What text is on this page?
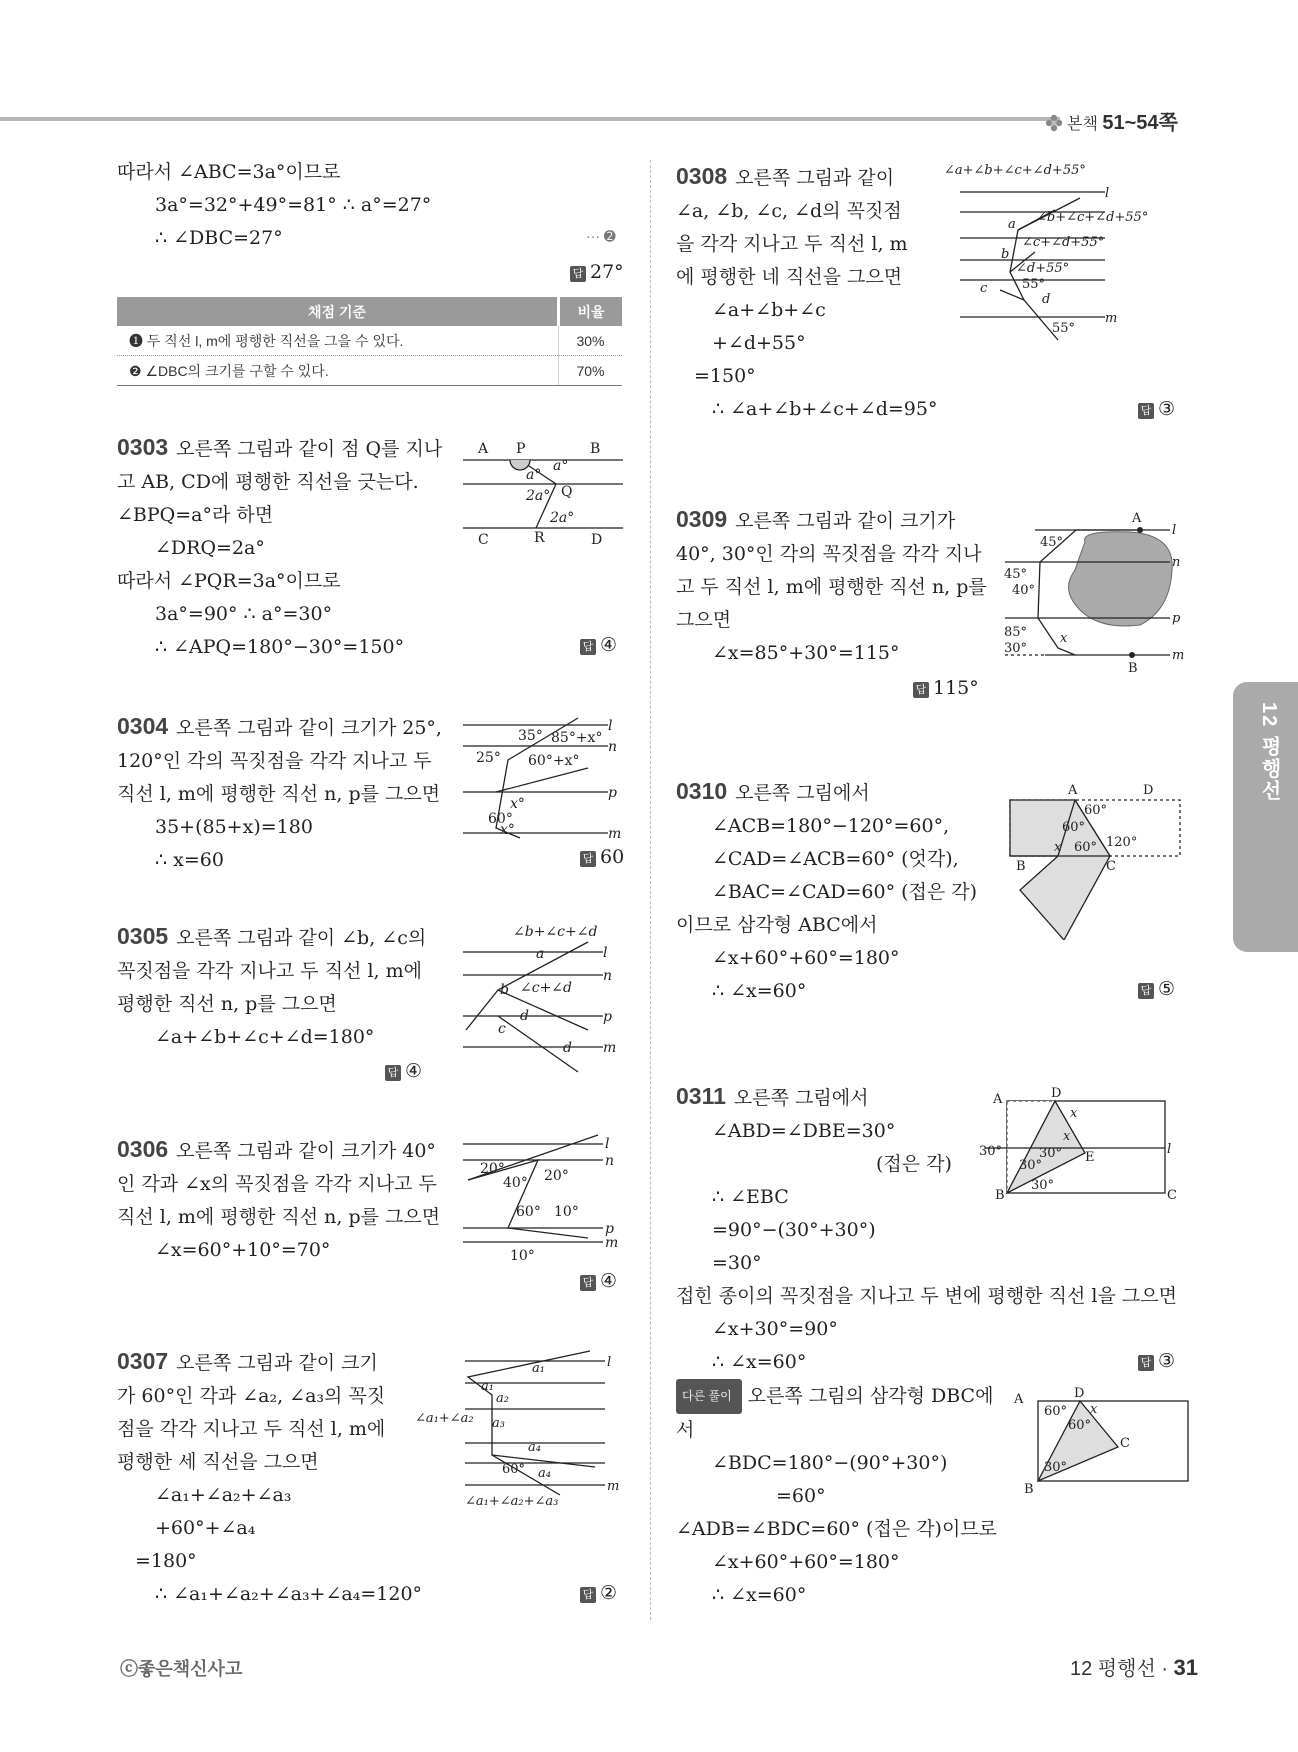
본책 51~54쪽
12 평행선
따라서 ∠ABC=3a°이므로
3a°=32°+49°=81° ∴ a°=27°
∴ ∠DBC=27°	··· ➋
답 27°
채점 기준	비율
❶ 두 직선 l, m에 평행한 직선을 그을 수 있다.	30%
❷ ∠DBC의 크기를 구할 수 있다.	70%
0303 오른쪽 그림과 같이 점 Q를 지나
고 AB, CD에 평행한 직선을 긋는다.
∠BPQ=a°라 하면
∠DRQ=2a°
따라서 ∠PQR=3a°이므로
3a°=90° ∴ a°=30°
∴ ∠APQ=180°−30°=150°	답 ④
A P	B
C	R	D
Q
a°
a°
2a°
2a°
0304 오른쪽 그림과 같이 크기가 25°,
120°인 각의 꼭짓점을 각각 지나고 두
직선 l, m에 평행한 직선 n, p를 그으면
35+(85+x)=180
∴ x=60	답 60
l
n
p
m
35° 85°+x°
25° 60°+x°
x°
60°
x°
0305 오른쪽 그림과 같이 ∠b, ∠c의
꼭짓점을 각각 지나고 두 직선 l, m에
평행한 직선 n, p를 그으면
∠a+∠b+∠c+∠d=180°
답 ④
∠b+∠c+∠d
a	l
n
b ∠c+∠d
p
d
c
d m
0306 오른쪽 그림과 같이 크기가 40°
인 각과 ∠x의 꼭짓점을 각각 지나고 두
직선 l, m에 평행한 직선 n, p를 그으면
∠x=60°+10°=70°
답 ④
l
n
20°
40° 20°
60° 10°
p
m
10°
0307 오른쪽 그림과 같이 크기
가 60°인 각과 ∠a₂, ∠a₃의 꼭짓
점을 각각 지나고 두 직선 l, m에
평행한 세 직선을 그으면
∠a₁+∠a₂+∠a₃
+60°+∠a₄
=180°
∴ ∠a₁+∠a₂+∠a₃+∠a₄=120°	답 ②
a₁	l
a₁
a₂
∠a₁+∠a₂ a₃
a₄
60° a₄
m
∠a₁+∠a₂+∠a₃
0308 오른쪽 그림과 같이
∠a, ∠b, ∠c, ∠d의 꼭짓점
을 각각 지나고 두 직선 l, m
에 평행한 네 직선을 그으면
∠a+∠b+∠c
+∠d+55°
=150°
∴ ∠a+∠b+∠c+∠d=95°	답 ③
∠a+∠b+∠c+∠d+55°
l
a ∠b+∠c+∠d+55°
b
∠c+∠d+55°
∠d+55°
c	55°
d
m
55°
0309 오른쪽 그림과 같이 크기가
40°, 30°인 각의 꼭짓점을 각각 지나
고 두 직선 l, m에 평행한 직선 n, p를
그으면
∠x=85°+30°=115°
답 115°
A
l
45°
n
45°
40°
p
85°
30°
x
m
B
0310 오른쪽 그림에서
∠ACB=180°−120°=60°,
∠CAD=∠ACB=60° (엇각),
∠BAC=∠CAD=60° (접은 각)
이므로 삼각형 ABC에서
∠x+60°+60°=180°
∴ ∠x=60°	답 ⑤
A	D
60°
60°
120°
x 60°
B	C
0311 오른쪽 그림에서
∠ABD=∠DBE=30°
(접은 각)
∴ ∠EBC
=90°−(30°+30°)
=30°
접힌 종이의 꼭짓점을 지나고 두 변에 평행한 직선 l을 그으면
∠x+30°=90°
∴ ∠x=60°
다른 풀이 오른쪽 그림의 삼각형 DBC에
서
∠BDC=180°−(90°+30°)
=60°
∠ADB=∠BDC=60° (접은 각)이므로
∠x+60°+60°=180°
∴ ∠x=60°
답 ③
A	D
x
x
30°	30°
30°
E
l
B
30°
C
A	D
60° x
60°
C
30°
B
ⓒ좋은책신사고	12 평행선 · 31
